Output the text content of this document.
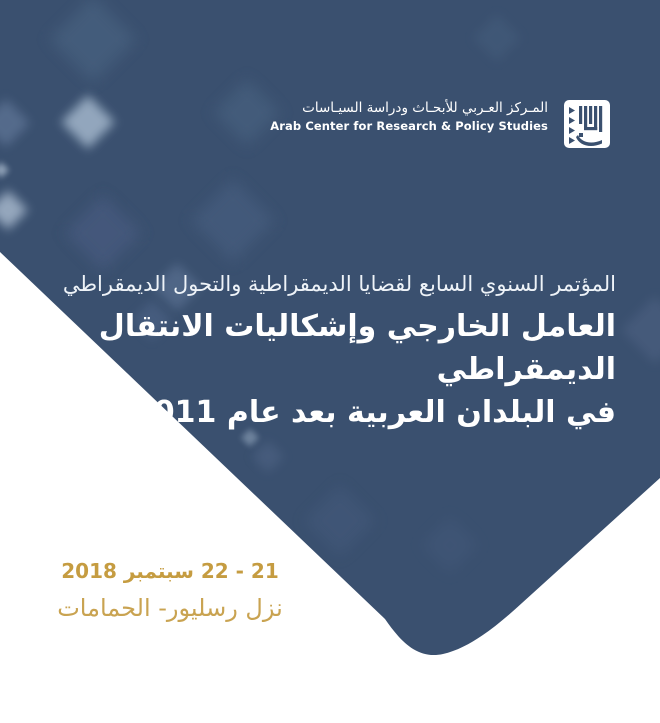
المـركز العـربي للأبحـاث ودراسة السيـاسات
Arab Center for Research & Policy Studies
المؤتمر السنوي السابع لقضايا الديمقراطية والتحول الديمقراطي
العامل الخارجي وإشكاليات الانتقال الديمقراطي
في البلدان العربية بعد عام 2011
21 - 22 سبتمبر 2018
نزل رسليور- الحمامات
